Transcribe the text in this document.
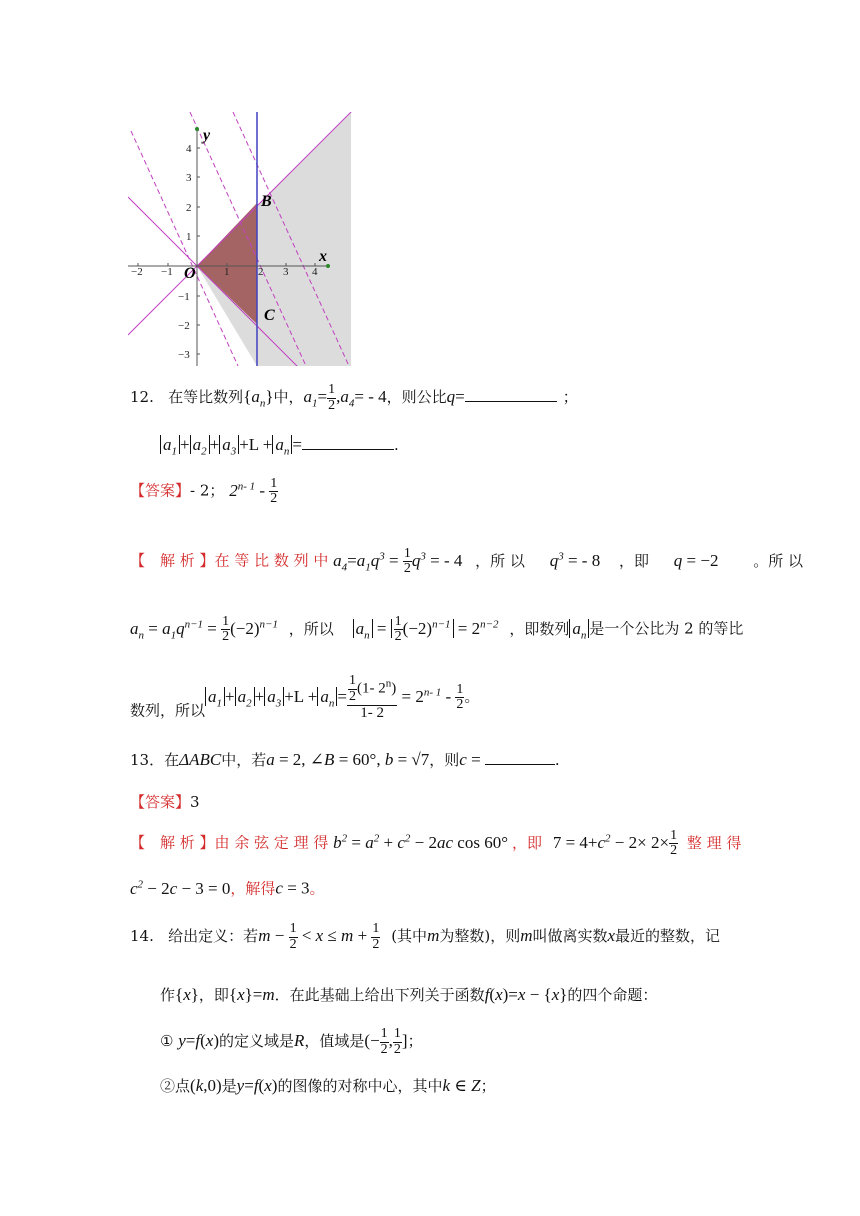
−2 −1	1	2 3 4
4
3
2
1
−1
−2
−3
y
x
B
C
O
12. 在等比数列$\{a_n\}$中，$a_1= \frac{1}{2} ,a_4= - 4$，则公比q=	；
$a_1 + a_2 + a_3 +L + a_n$ =	.
【答案】- 2； $2^{n- 1} - \frac{1}{2}$
【　解 析 】在 等 比 数 列 中 $a_4=a_1q^3 = \frac{1}{2} q^3$ = - 4 ，所 以 $q^3$ = - 8 ，即 q = −2 。所 以
$a_n = a_1q^{n-1} = \frac{1}{2} (-2)^{n-1}$ ，所以 $a_n = \frac{1}{2} (-2)^{n-1} = 2^{n-2}$ ，即数列 $a_n$ 是一个公比为 2 的等比
数列，所以$a_1 + a_2 + a_3 +L + a_n = \frac{\frac{1}{2} (1- 2^n)}{1- 2} = 2^{n- 1} - \frac{1}{2}$ 。
13．在ΔABC中，若a = 2, ∠B = 60°, b = √7，则c =	.
【答案】3
【　解 析 】由 余 弦 定 理 得 $b^2 = a^2 + c^2 - 2ac$ cos 60° ，即 $7 = 4+c^2 - 2\times 2\times \frac{1}{2}$ 整 理 得
$c^2 - 2c - 3 = 0$，解得c = 3。
14. 给出定义：若$m - \frac{1}{2} < x \le m + \frac{1}{2}$ (其中m为整数)，则m叫做离实数x最近的整数，记
作{x}，即{x}=m．在此基础上给出下列关于函数f(x)=x − {x}的四个命题：
① y=f(x)的定义域是R，值域是(− $\frac{1}{2}$ , $\frac{1}{2}$ ]；
②点(k,0)是y=f(x)的图像的对称中心，其中k ∈ Z；
